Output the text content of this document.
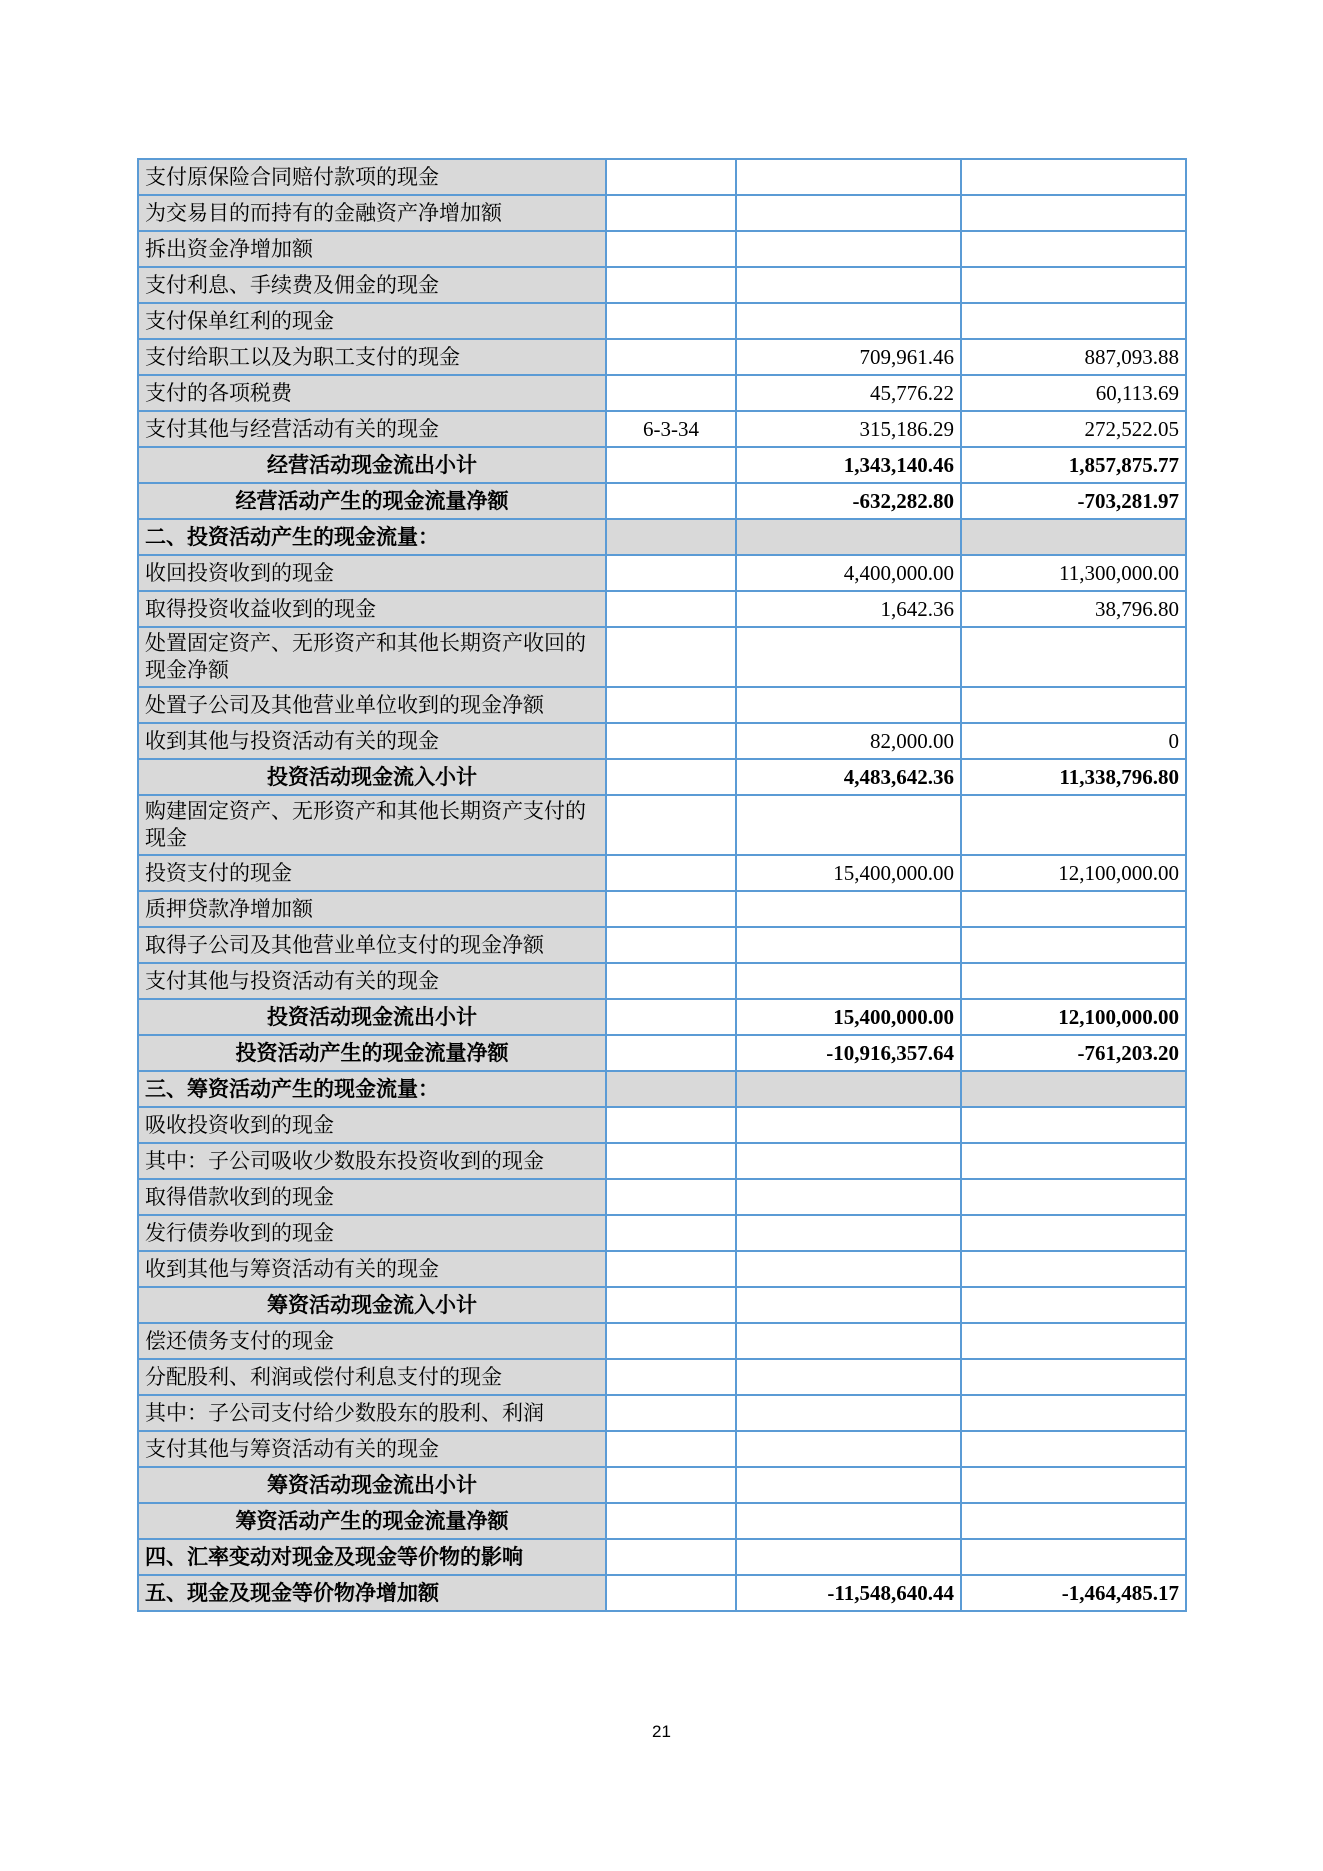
支付原保险合同赔付款项的现金			
为交易目的而持有的金融资产净增加额			
拆出资金净增加额			
支付利息、手续费及佣金的现金			
支付保单红利的现金			
支付给职工以及为职工支付的现金		709,961.46	887,093.88
支付的各项税费		45,776.22	60,113.69
支付其他与经营活动有关的现金	6-3-34	315,186.29	272,522.05
经营活动现金流出小计		1,343,140.46	1,857,875.77
经营活动产生的现金流量净额		-632,282.80	-703,281.97
二、投资活动产生的现金流量：			
收回投资收到的现金		4,400,000.00	11,300,000.00
取得投资收益收到的现金		1,642.36	38,796.80
处置固定资产、无形资产和其他长期资产收回的现金净额			
处置子公司及其他营业单位收到的现金净额			
收到其他与投资活动有关的现金		82,000.00	0
投资活动现金流入小计		4,483,642.36	11,338,796.80
购建固定资产、无形资产和其他长期资产支付的现金			
投资支付的现金		15,400,000.00	12,100,000.00
质押贷款净增加额			
取得子公司及其他营业单位支付的现金净额			
支付其他与投资活动有关的现金			
投资活动现金流出小计		15,400,000.00	12,100,000.00
投资活动产生的现金流量净额		-10,916,357.64	-761,203.20
三、筹资活动产生的现金流量：			
吸收投资收到的现金			
其中：子公司吸收少数股东投资收到的现金			
取得借款收到的现金			
发行债券收到的现金			
收到其他与筹资活动有关的现金			
筹资活动现金流入小计			
偿还债务支付的现金			
分配股利、利润或偿付利息支付的现金			
其中：子公司支付给少数股东的股利、利润			
支付其他与筹资活动有关的现金			
筹资活动现金流出小计			
筹资活动产生的现金流量净额			
四、汇率变动对现金及现金等价物的影响			
五、现金及现金等价物净增加额		-11,548,640.44	-1,464,485.17
21
